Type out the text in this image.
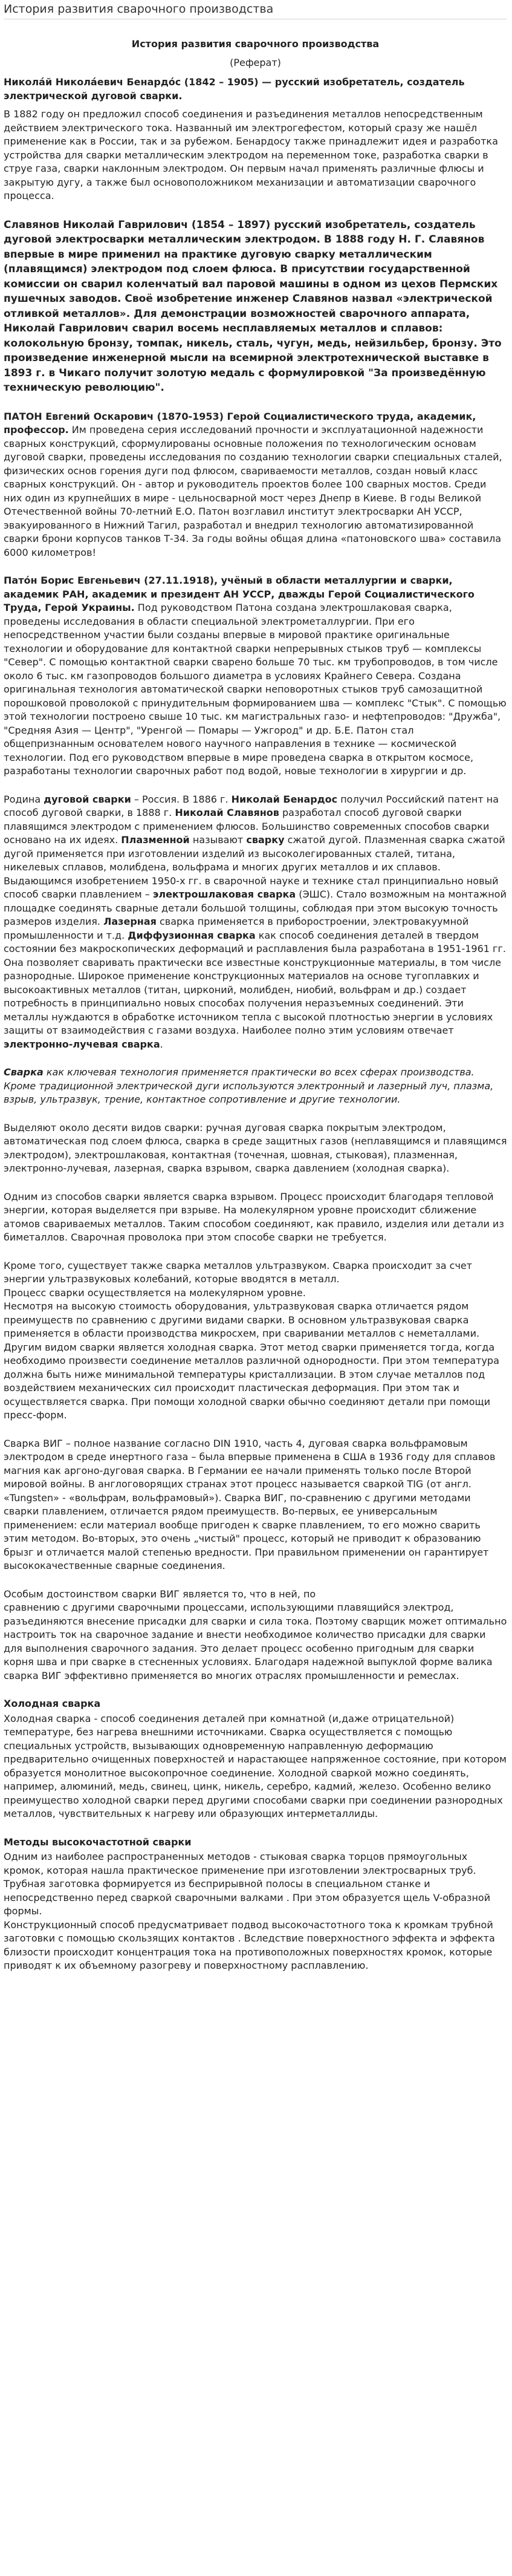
История развития сварочного производства
История развития сварочного производства
(Реферат)
Никола́й Никола́евич Бенардо́с (1842 – 1905) — русский изобретатель, создатель электрической дуговой сварки.

В 1882 году он предложил способ соединения и разъединения металлов непосредственным действием электрического тока. Названный им электрогефестом, который сразу же нашёл применение как в России, так и за рубежом. Бенардосу также принадлежит идея и разработка устройства для сварки металлическим электродом на переменном токе, разработка сварки в струе газа, сварки наклонным электродом. Он первым начал применять различные флюсы и закрытую дугу, а также был основоположником механизации и автоматизации сварочного процесса.

Славянов Николай Гаврилович (1854 – 1897) русский изобретатель, создатель дуговой электросварки металлическим электродом. В 1888 году Н. Г. Славянов впервые в мире применил на практике дуговую сварку металлическим (плавящимся) электродом под слоем флюса. В присутствии государственной комиссии он сварил коленчатый вал паровой машины в одном из цехов Пермских пушечных заводов. Своё изобретение инженер Славянов назвал «электрической отливкой металлов». Для демонстрации возможностей сварочного аппарата, Николай Гаврилович сварил восемь несплавляемых металлов и сплавов: колокольную бронзу, томпак, никель, сталь, чугун, медь, нейзильбер, бронзу. Это произведение инженерной мысли на всемирной электротехнической выставке в 1893 г. в Чикаго получит золотую медаль с формулировкой "За произведённую техническую революцию".

ПАТОН Евгений Оскарович (1870-1953) Герой Социалистического труда, академик, профессор. Им проведена серия исследований прочности и эксплуатационной надежности сварных конструкций, сформулированы основные положения по технологическим основам дуговой сварки, проведены исследования по созданию технологии сварки специальных сталей, физических основ горения дуги под флюсом, свариваемости металлов, создан новый класс сварных конструкций. Он - автор и руководитель проектов более 100 сварных мостов. Среди них один из крупнейших в мире - цельносварной мост через Днепр в Киеве. В годы Великой Отечественной войны 70-летний Е.О. Патон возглавил институт электросварки АН УССР, эвакуированного в Нижний Тагил, разработал и внедрил технологию автоматизированной сварки брони корпусов танков Т-34. За годы войны общая длина «патоновского шва» составила 6000 километров!

Пато́н Борис Евгеньевич (27.11.1918), учёный в области металлургии и сварки, академик РАН, академик и президент АН УССР, дважды Герой Социалистического Труда, Герой Украины. Под руководством Патона создана электрошлаковая сварка, проведены исследования в области специальной электрометаллургии. При его непосредственном участии были созданы впервые в мировой практике оригинальные технологии и оборудование для контактной сварки непрерывных стыков труб — комплексы "Север". С помощью контактной сварки сварено больше 70 тыс. км трубопроводов, в том числе около 6 тыс. км газопроводов большого диаметра в условиях Крайнего Севера. Создана оригинальная технология автоматической сварки неповоротных стыков труб самозащитной порошковой проволокой с принудительным формированием шва — комплекс "Стык". С помощью этой технологии построено свыше 10 тыс. км магистральных газо- и нефтепроводов: "Дружба", "Средняя Азия — Центр", "Уренгой — Помары — Ужгород" и др. Б.Е. Патон стал общепризнанным основателем нового научного направления в технике — космической технологии. Под его руководством впервые в мире проведена сварка в открытом космосе, разработаны технологии сварочных работ под водой, новые технологии в хирургии и др.

Родина дуговой сварки – Россия. В 1886 г. Николай Бенардос получил Российский патент на способ дуговой сварки, в 1888 г. Николай Славянов разработал способ дуговой сварки плавящимся электродом с применением флюсов. Большинство современных способов сварки основано на их идеях. Плазменной называют сварку сжатой дугой. Плазменная сварка сжатой дугой применяется при изготовлении изделий из высоколегированных сталей, титана, никелевых сплавов, молибдена, вольфрама и многих других металлов и их сплавов. Выдающимся изобретением 1950-х гг. в сварочной науке и технике стал принципиально новый способ сварки плавлением – электрошлаковая сварка (ЭШС). Стало возможным на монтажной площадке соединять сварные детали большой толщины, соблюдая при этом высокую точность размеров изделия. Лазерная сварка применяется в приборостроении, электровакуумной промышленности и т.д. Диффузионная сварка как способ соединения деталей в твердом состоянии без макроскопических деформаций и расплавления была разработана в 1951-1961 гг. Она позволяет сваривать практически все известные конструкционные материалы, в том числе разнородные. Широкое применение конструкционных материалов на основе тугоплавких и высокоактивных металлов (титан, цирконий, молибден, ниобий, вольфрам и др.) создает потребность в принципиально новых способах получения неразъемных соединений. Эти металлы нуждаются в обработке источником тепла с высокой плотностью энергии в условиях защиты от взаимодействия с газами воздуха. Наиболее полно этим условиям отвечает электронно-лучевая сварка.

Сварка как ключевая технология применяется практически во всех сферах производства. Кроме традиционной электрической дуги используются электронный и лазерный луч, плазма, взрыв, ультразвук, трение, контактное сопротивление и другие технологии.

Выделяют около десяти видов сварки: ручная дуговая сварка покрытым электродом, автоматическая под слоем флюса, сварка в среде защитных газов (неплавящимся и плавящимся электродом), электрошлаковая, контактная (точечная, шовная, стыковая), плазменная, электронно-лучевая, лазерная, сварка взрывом, сварка давлением (холодная сварка).

Одним из способов сварки является сварка взрывом. Процесс происходит благодаря тепловой энергии, которая выделяется при взрыве. На молекулярном уровне происходит сближение атомов свариваемых металлов. Таким способом соединяют, как правило, изделия или детали из биметаллов. Сварочная проволока при этом способе сварки не требуется.

Кроме того, существует также сварка металлов ультразвуком. Сварка происходит за счет энергии ультразвуковых колебаний, которые вводятся в металл.
Процесс сварки осуществляется на молекулярном уровне.
Несмотря на высокую стоимость оборудования, ультразвуковая сварка отличается рядом преимуществ по сравнению с другими видами сварки. В основном ультразвуковая сварка применяется в области производства микросхем, при сваривании металлов с неметаллами.
Другим видом сварки является холодная сварка. Этот метод сварки применяется тогда, когда необходимо произвести соединение металлов различной однородности. При этом температура должна быть ниже минимальной температуры кристаллизации. В этом случае металлов под воздействием механических сил происходит пластическая деформация. При этом так и осуществляется сварка. При помощи холодной сварки обычно соединяют детали при помощи пресс-форм.

Сварка ВИГ – полное название согласно DIN 1910, часть 4, дуговая сварка вольфрамовым электродом в среде инертного газа – была впервые применена в США в 1936 году для сплавов магния как аргоно-дуговая сварка. В Германии ее начали применять только после Второй мировой войны. В англоговорящих странах этот процесс называется сваркой TIG (от англ. «Tungsten» - «вольфрам, вольфрамовый»). Сварка ВИГ, по-сравнению с другими методами сварки плавлением, отличается рядом преимуществ. Во-первых, ее универсальным применением: если материал вообще пригоден к сварке плавлением, то его можно сварить этим методом. Во-вторых, это очень „чистый" процесс, который не приводит к образованию брызг и отличается малой степенью вредности. При правильном применении он гарантирует высококачественные сварные соединения.

Особым достоинством сварки ВИГ является то, что в ней, по
сравнению с другими сварочными процессами, использующими плавящийся электрод, разъединяются внесение присадки для сварки и сила тока. Поэтому сварщик может оптимально настроить ток на сварочное задание и внести необходимое количество присадки для сварки для выполнения сварочного задания. Это делает процесс особенно пригодным для сварки корня шва и при сварке в стесненных условиях. Благодаря надежной выпуклой форме валика сварка ВИГ эффективно применяется во многих отраслях промышленности и ремеслах.

Холодная сварка

Холодная сварка - способ соединения деталей при комнатной (и,даже отрицательной) температуре, без нагрева внешними источниками. Сварка осуществляется с помощью специальных устройств, вызывающих одновременную направленную деформацию предварительно очищенных поверхностей и нарастающее напряженное состояние, при котором образуется монолитное высокопрочное соединение. Холодной сваркой можно соединять, например, алюминий, медь, свинец, цинк, никель, серебро, кадмий, железо. Особенно велико преимущество холодной сварки перед другими способами сварки при соединении разнородных металлов, чувствительных к нагреву или образующих интерметаллиды.

Методы высокочастотной сварки

Одним из наиболее распространенных методов - стыковая сварка торцов прямоугольных кромок, которая нашла практическое применение при изготовлении электросварных труб. Трубная заготовка формируется из бесприрывной полосы в специальном станке и непосредственно перед сваркой сварочными валками . При этом образуется щель V-образной формы.
Конструкционный способ предусматривает подвод высокочастотного тока к кромкам трубной заготовки с помощью скользящих контактов . Вследствие поверхностного эффекта и эффекта близости происходит концентрация тока на противоположных поверхностях кромок, которые приводят к их объемному разогреву и поверхностному расплавлению.
